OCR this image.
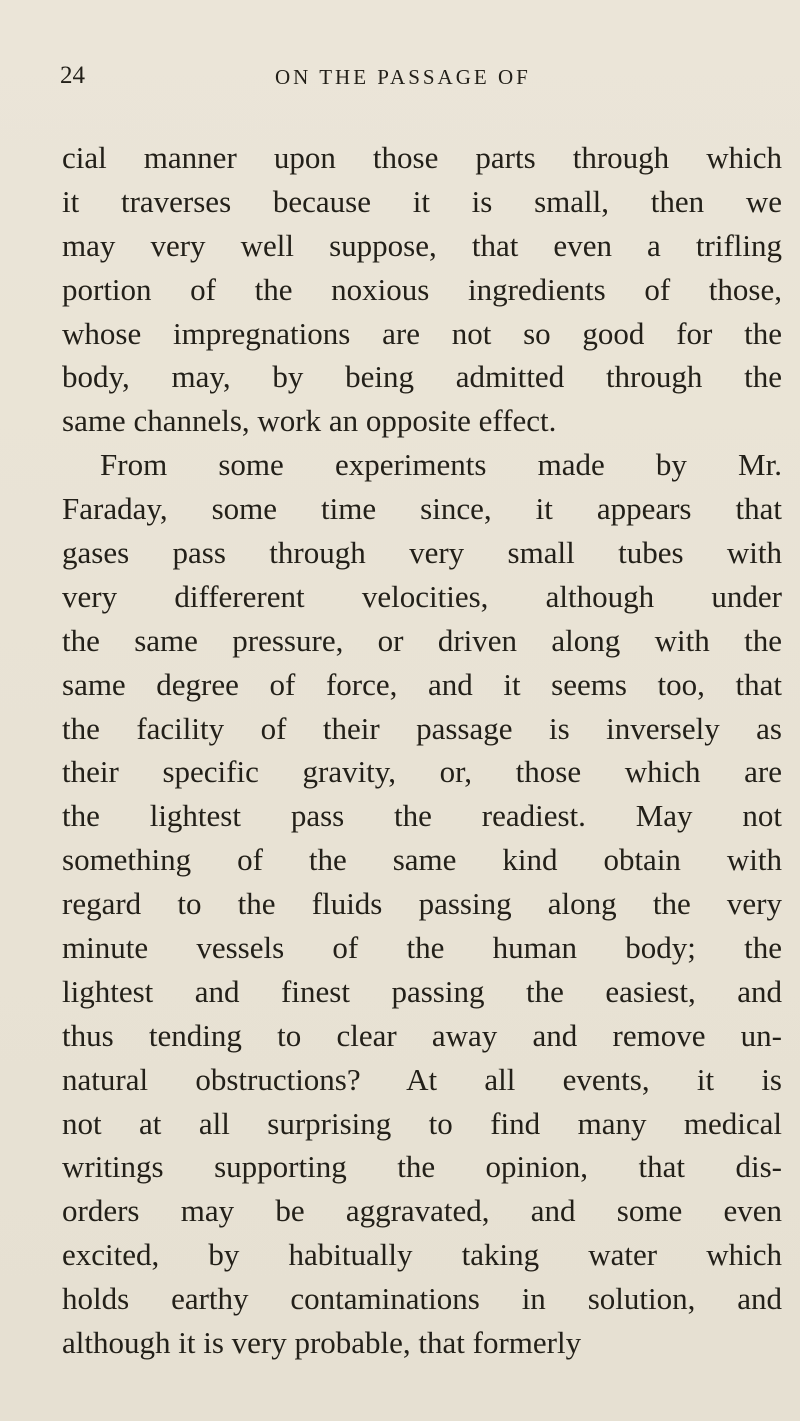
24	ON THE PASSAGE OF
cial manner upon those parts through which
it traverses because it is small, then we
may very well suppose, that even a trifling
portion of the noxious ingredients of those,
whose impregnations are not so good for the
body, may, by being admitted through the
same channels, work an opposite effect.
From some experiments made by Mr.
Faraday, some time since, it appears that
gases pass through very small tubes with
very differerent velocities, although under
the same pressure, or driven along with the
same degree of force, and it seems too, that
the facility of their passage is inversely as
their specific gravity, or, those which are
the lightest pass the readiest. May not
something of the same kind obtain with
regard to the fluids passing along the very
minute vessels of the human body; the
lightest and finest passing the easiest, and
thus tending to clear away and remove un-
natural obstructions? At all events, it is
not at all surprising to find many medical
writings supporting the opinion, that dis-
orders may be aggravated, and some even
excited, by habitually taking water which
holds earthy contaminations in solution, and
although it is very probable, that formerly
